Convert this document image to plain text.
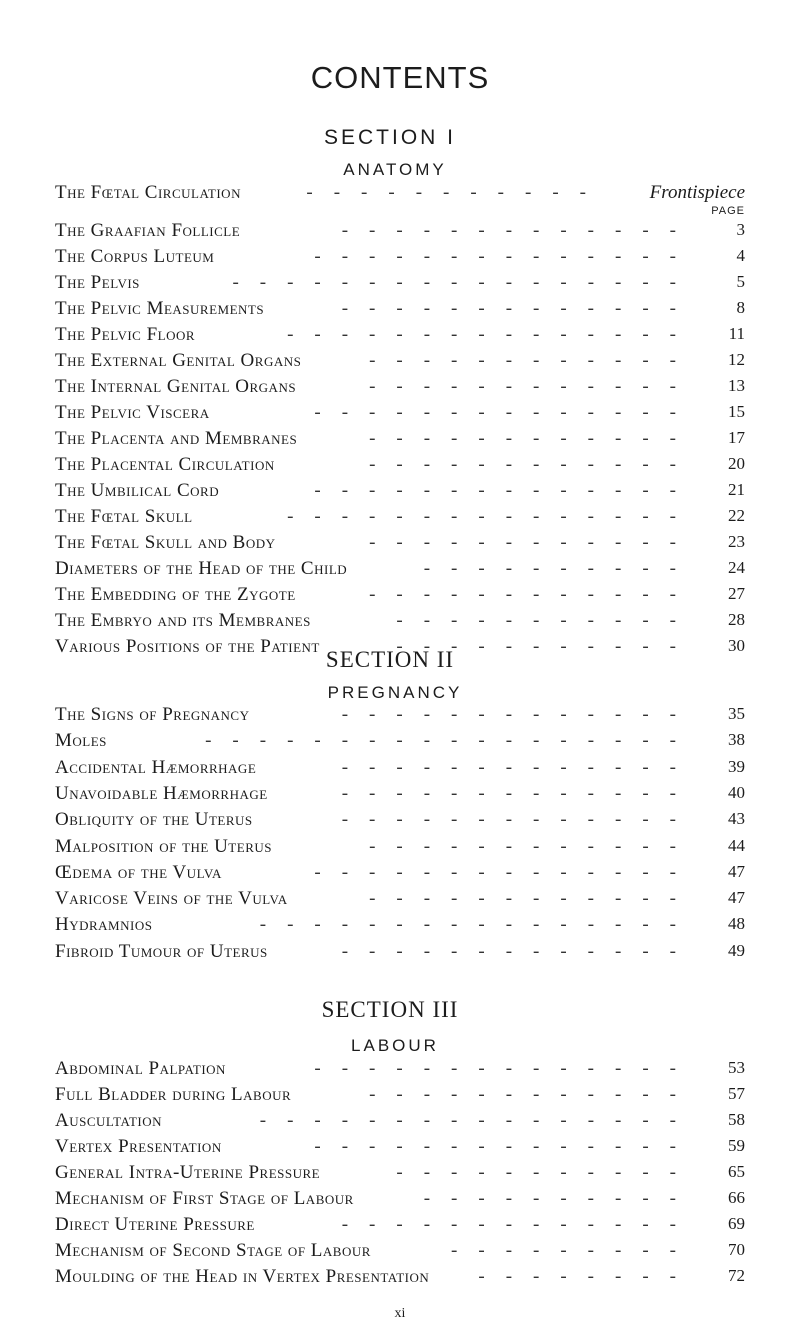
CONTENTS
SECTION I
ANATOMY
The Fœtal Circulation	-----------	Frontispiece
The Graafian Follicle	-------------	3
The Corpus Luteum	--------------	4
The Pelvis	-----------------	5
The Pelvic Measurements	-------------	8
The Pelvic Floor	---------------	11
The External Genital Organs	------------	12
The Internal Genital Organs	------------	13
The Pelvic Viscera	--------------	15
The Placenta and Membranes	------------	17
The Placental Circulation	------------	20
The Umbilical Cord	--------------	21
The Fœtal Skull	---------------	22
The Fœtal Skull and Body	------------	23
Diameters of the Head of the Child	----------	24
The Embedding of the Zygote	------------	27
The Embryo and its Membranes	-----------	28
Various Positions of the Patient	-----------	30
PAGE
SECTION II
PREGNANCY
The Signs of Pregnancy	-------------	35
Moles	------------------	38
Accidental Hæmorrhage	-------------	39
Unavoidable Hæmorrhage	-------------	40
Obliquity of the Uterus	-------------	43
Malposition of the Uterus	------------	44
Œdema of the Vulva	--------------	47
Varicose Veins of the Vulva	------------	47
Hydramnios	----------------	48
Fibroid Tumour of Uterus	-------------	49
SECTION III
LABOUR
Abdominal Palpation	--------------	53
Full Bladder during Labour	------------	57
Auscultation	----------------	58
Vertex Presentation	--------------	59
General Intra-Uterine Pressure	-----------	65
Mechanism of First Stage of Labour	----------	66
Direct Uterine Pressure	-------------	69
Mechanism of Second Stage of Labour	---------	70
Moulding of the Head in Vertex Presentation	--------	72
xi
